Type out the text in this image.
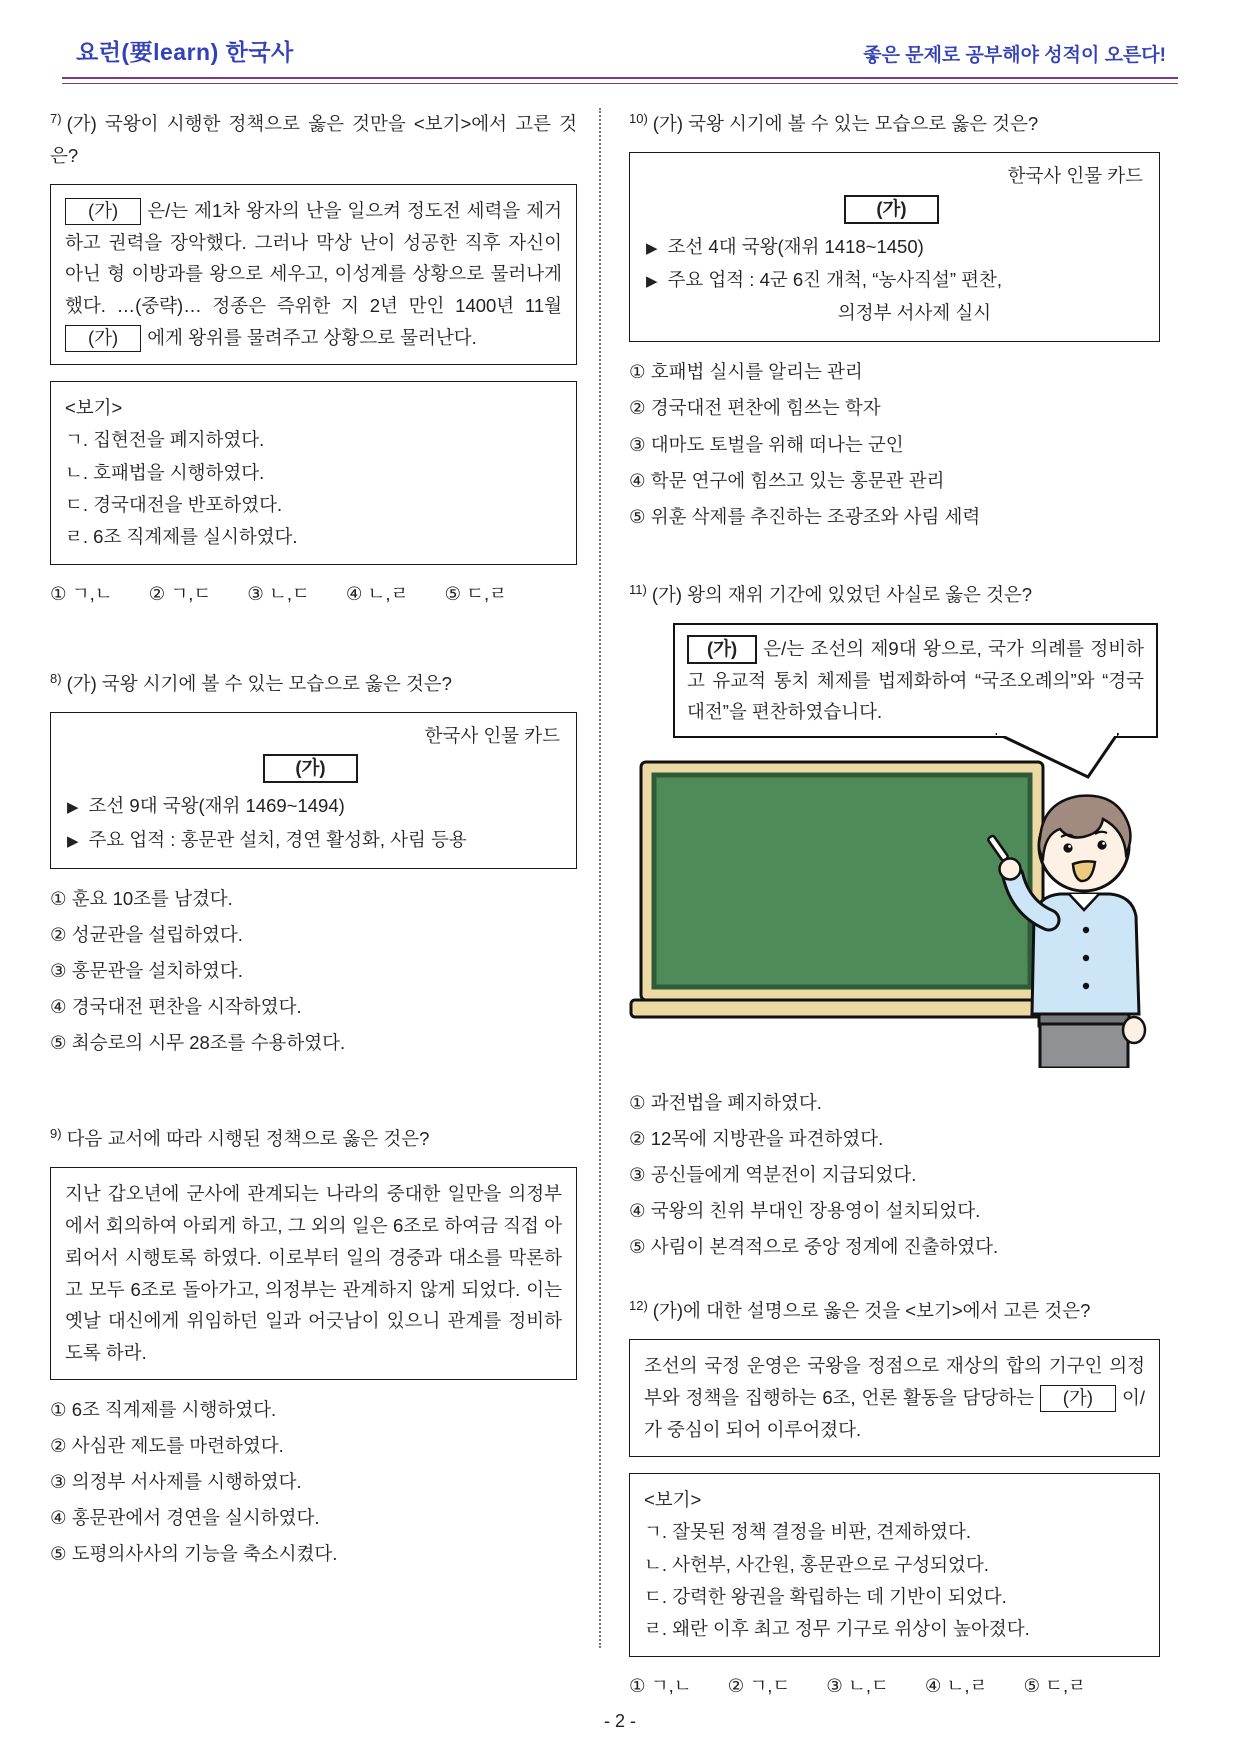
요런(要learn) 한국사	좋은 문제로 공부해야 성적이 오른다!

$^{7)}$ (가) 국왕이 시행한 정책으로 옳은 것만을 <보기>에서 고른 것은?

(가) 은/는 제1차 왕자의 난을 일으켜 정도전 세력을 제거하고 권력을 장악했다. 그러나 막상 난이 성공한 직후 자신이 아닌 형 이방과를 왕으로 세우고, 이성계를 상황으로 물러나게 했다. …(중략)… 정종은 즉위한 지 2년 만인 1400년 11월 (가) 에게 왕위를 물려주고 상황으로 물러난다.
<보기>
ㄱ. 집현전을 폐지하였다.
ㄴ. 호패법을 시행하였다.
ㄷ. 경국대전을 반포하였다.
ㄹ. 6조 직계제를 실시하였다.
① ㄱ,ㄴ ② ㄱ,ㄷ ③ ㄴ,ㄷ ④ ㄴ,ㄹ ⑤ ㄷ,ㄹ

$^{8)}$ (가) 국왕 시기에 볼 수 있는 모습으로 옳은 것은?

한국사 인물 카드
(가)
▶ 조선 9대 국왕(재위 1469~1494)
▶ 주요 업적 : 홍문관 설치, 경연 활성화, 사림 등용
① 훈요 10조를 남겼다.
② 성균관을 설립하였다.
③ 홍문관을 설치하였다.
④ 경국대전 편찬을 시작하였다.
⑤ 최승로의 시무 28조를 수용하였다.

$^{9)}$ 다음 교서에 따라 시행된 정책으로 옳은 것은?

지난 갑오년에 군사에 관계되는 나라의 중대한 일만을 의정부에서 회의하여 아뢰게 하고, 그 외의 일은 6조로 하여금 직접 아뢰어서 시행토록 하였다. 이로부터 일의 경중과 대소를 막론하고 모두 6조로 돌아가고, 의정부는 관계하지 않게 되었다. 이는 옛날 대신에게 위임하던 일과 어긋남이 있으니 관계를 정비하도록 하라.
① 6조 직계제를 시행하였다.
② 사심관 제도를 마련하였다.
③ 의정부 서사제를 시행하였다.
④ 홍문관에서 경연을 실시하였다.
⑤ 도평의사사의 기능을 축소시켰다.

$^{10)}$ (가) 국왕 시기에 볼 수 있는 모습으로 옳은 것은?

한국사 인물 카드
(가)
▶ 조선 4대 국왕(재위 1418~1450)
▶ 주요 업적 : 4군 6진 개척, “농사직설” 편찬,
의정부 서사제 실시
① 호패법 실시를 알리는 관리
② 경국대전 편찬에 힘쓰는 학자
③ 대마도 토벌을 위해 떠나는 군인
④ 학문 연구에 힘쓰고 있는 홍문관 관리
⑤ 위훈 삭제를 추진하는 조광조와 사림 세력

$^{11)}$ (가) 왕의 재위 기간에 있었던 사실로 옳은 것은?

(가) 은/는 조선의 제9대 왕으로, 국가 의례를 정비하고 유교적 통치 체제를 법제화하여 “국조오례의”와 “경국대전”을 편찬하였습니다.
① 과전법을 폐지하였다.
② 12목에 지방관을 파견하였다.
③ 공신들에게 역분전이 지급되었다.
④ 국왕의 친위 부대인 장용영이 설치되었다.
⑤ 사림이 본격적으로 중앙 정계에 진출하였다.

$^{12)}$ (가)에 대한 설명으로 옳은 것을 <보기>에서 고른 것은?

조선의 국정 운영은 국왕을 정점으로 재상의 합의 기구인 의정부와 정책을 집행하는 6조, 언론 활동을 담당하는 (가) 이/가 중심이 되어 이루어졌다.
<보기>
ㄱ. 잘못된 정책 결정을 비판, 견제하였다.
ㄴ. 사헌부, 사간원, 홍문관으로 구성되었다.
ㄷ. 강력한 왕권을 확립하는 데 기반이 되었다.
ㄹ. 왜란 이후 최고 정무 기구로 위상이 높아졌다.
① ㄱ,ㄴ ② ㄱ,ㄷ ③ ㄴ,ㄷ ④ ㄴ,ㄹ ⑤ ㄷ,ㄹ
- 2 -
